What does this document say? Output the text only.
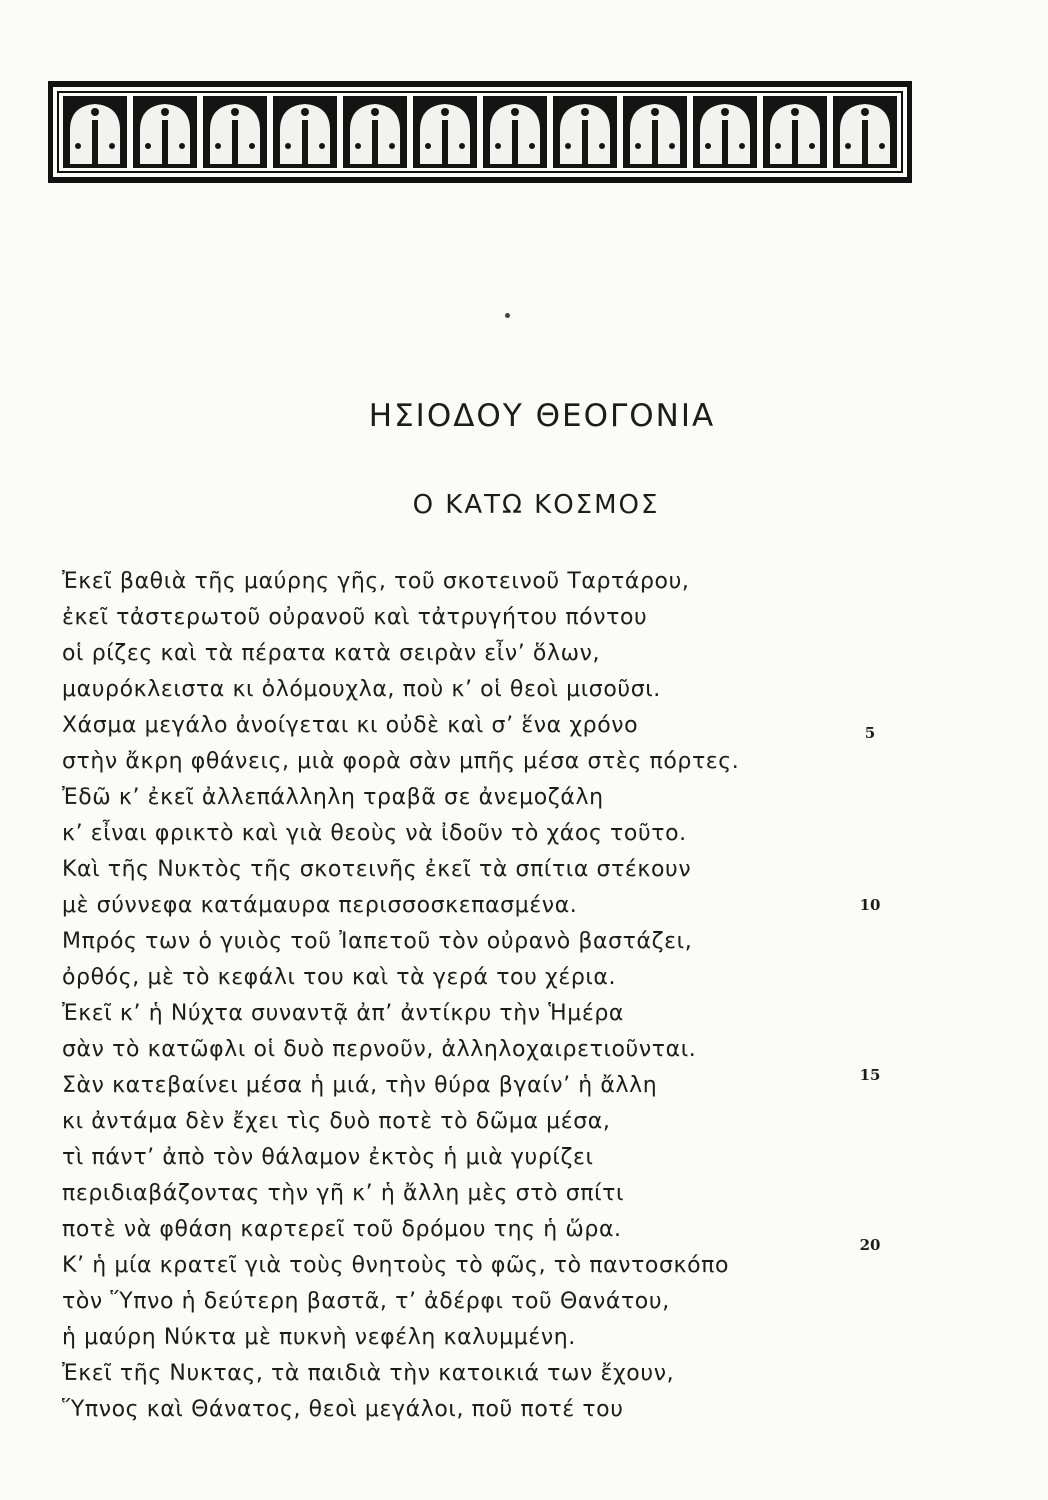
ΗΣΙΟΔΟΥ ΘΕΟΓΟΝΙΑ
Ο ΚΑΤΩ ΚΟΣΜΟΣ
Ἐκεῖ βαθιὰ τῆς μαύρης γῆς, τοῦ σκοτεινοῦ Ταρτάρου,
ἐκεῖ τἀστερωτοῦ οὐρανοῦ καὶ τἀτρυγήτου πόντου
οἱ ρίζες καὶ τὰ πέρατα κατὰ σειρὰν εἶν’ ὅλων,
μαυρόκλειστα κι ὀλόμουχλα, ποὺ κ’ οἱ θεοὶ μισοῦσι.
Χάσμα μεγάλο ἀνοίγεται κι οὐδὲ καὶ σ’ ἕνα χρόνο
στὴν ἄκρη φθάνεις, μιὰ φορὰ σὰν μπῆς μέσα στὲς πόρτες.
Ἐδῶ κ’ ἐκεῖ ἀλλεπάλληλη τραβᾶ σε ἀνεμοζάλη
κ’ εἶναι φρικτὸ καὶ γιὰ θεοὺς νὰ ἰδοῦν τὸ χάος τοῦτο.
Καὶ τῆς Νυκτὸς τῆς σκοτεινῆς ἐκεῖ τὰ σπίτια στέκουν
μὲ σύννεφα κατάμαυρα περισσοσκεπασμένα.
Μπρός των ὁ γυιὸς τοῦ Ἰαπετοῦ τὸν οὐρανὸ βαστάζει,
ὀρθός, μὲ τὸ κεφάλι του καὶ τὰ γερά του χέρια.
Ἐκεῖ κ’ ἡ Νύχτα συναντᾷ ἀπ’ ἀντίκρυ τὴν Ἡμέρα
σὰν τὸ κατῶφλι οἱ δυὸ περνοῦν, ἀλληλοχαιρετιοῦνται.
Σὰν κατεβαίνει μέσα ἡ μιά, τὴν θύρα βγαίν’ ἡ ἄλλη
κι ἀντάμα δὲν ἔχει τὶς δυὸ ποτὲ τὸ δῶμα μέσα,
τὶ πάντ’ ἀπὸ τὸν θάλαμον ἐκτὸς ἡ μιὰ γυρίζει
περιδιαβάζοντας τὴν γῆ κ’ ἡ ἄλλη μὲς στὸ σπίτι
ποτὲ νὰ φθάση καρτερεῖ τοῦ δρόμου της ἡ ὥρα.
Κ’ ἡ μία κρατεῖ γιὰ τοὺς θνητοὺς τὸ φῶς, τὸ παντοσκόπο
τὸν Ὕπνο ἡ δεύτερη βαστᾶ, τ’ ἀδέρφι τοῦ Θανάτου,
ἡ μαύρη Νύκτα μὲ πυκνὴ νεφέλη καλυμμένη.
Ἐκεῖ τῆς Νυκτας, τὰ παιδιὰ τὴν κατοικιά των ἔχουν,
Ὕπνος καὶ Θάνατος, θεοὶ μεγάλοι, ποῦ ποτέ του
5
10
15
20
